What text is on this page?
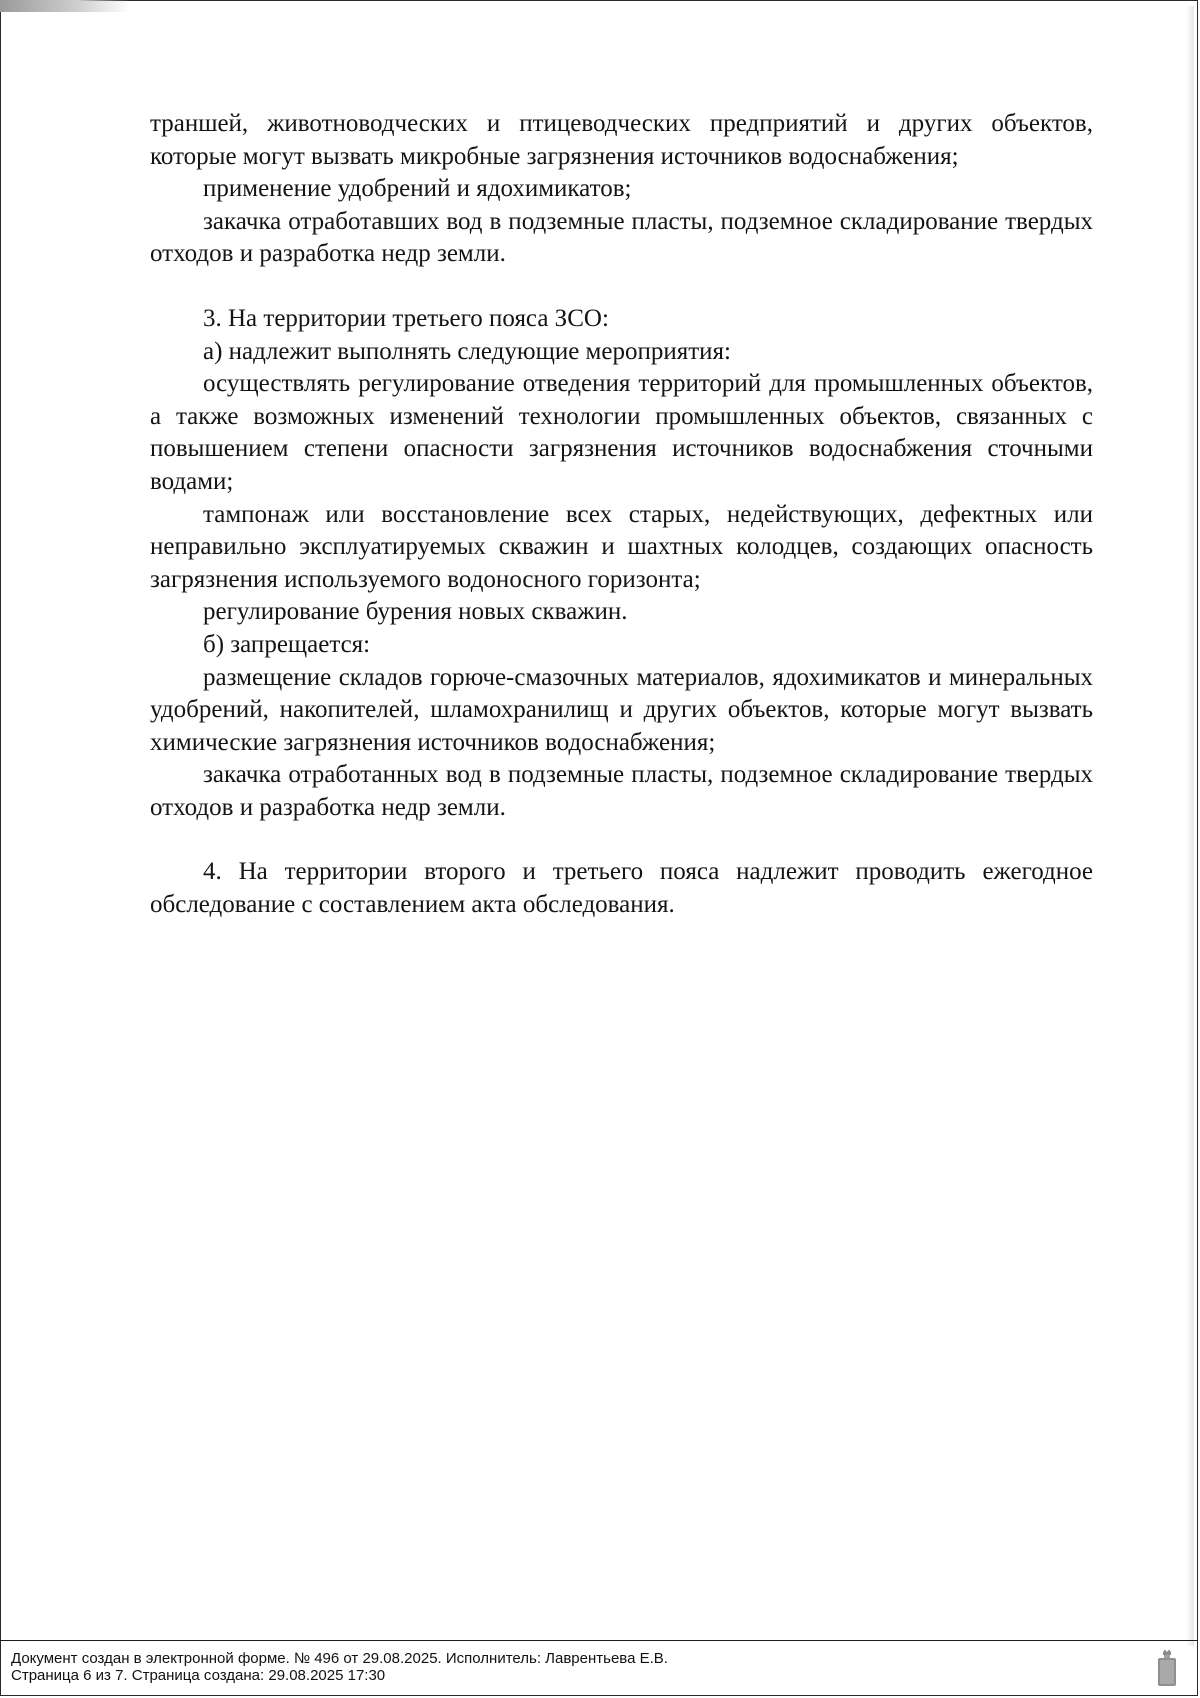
траншей, животноводческих и птицеводческих предприятий и других объектов, которые могут вызвать микробные загрязнения источников водоснабжения;

применение удобрений и ядохимикатов;

закачка отработавших вод в подземные пласты, подземное складирование твердых отходов и разработка недр земли.

3. На территории третьего пояса ЗСО:

а) надлежит выполнять следующие мероприятия:

осуществлять регулирование отведения территорий для промышленных объектов, а также возможных изменений технологии промышленных объектов, связанных с повышением степени опасности загрязнения источников водоснабжения сточными водами;

тампонаж или восстановление всех старых, недействующих, дефектных или неправильно эксплуатируемых скважин и шахтных колодцев, создающих опасность загрязнения используемого водоносного горизонта;

регулирование бурения новых скважин.

б) запрещается:

размещение складов горюче-смазочных материалов, ядохимикатов и минеральных удобрений, накопителей, шламохранилищ и других объектов, которые могут вызвать химические загрязнения источников водоснабжения;

закачка отработанных вод в подземные пласты, подземное складирование твердых отходов и разработка недр земли.

4. На территории второго и третьего пояса надлежит проводить ежегодное обследование с составлением акта обследования.

Документ создан в электронной форме. № 496 от 29.08.2025. Исполнитель: Лаврентьева Е.В.
Страница 6 из 7. Страница создана: 29.08.2025 17:30
